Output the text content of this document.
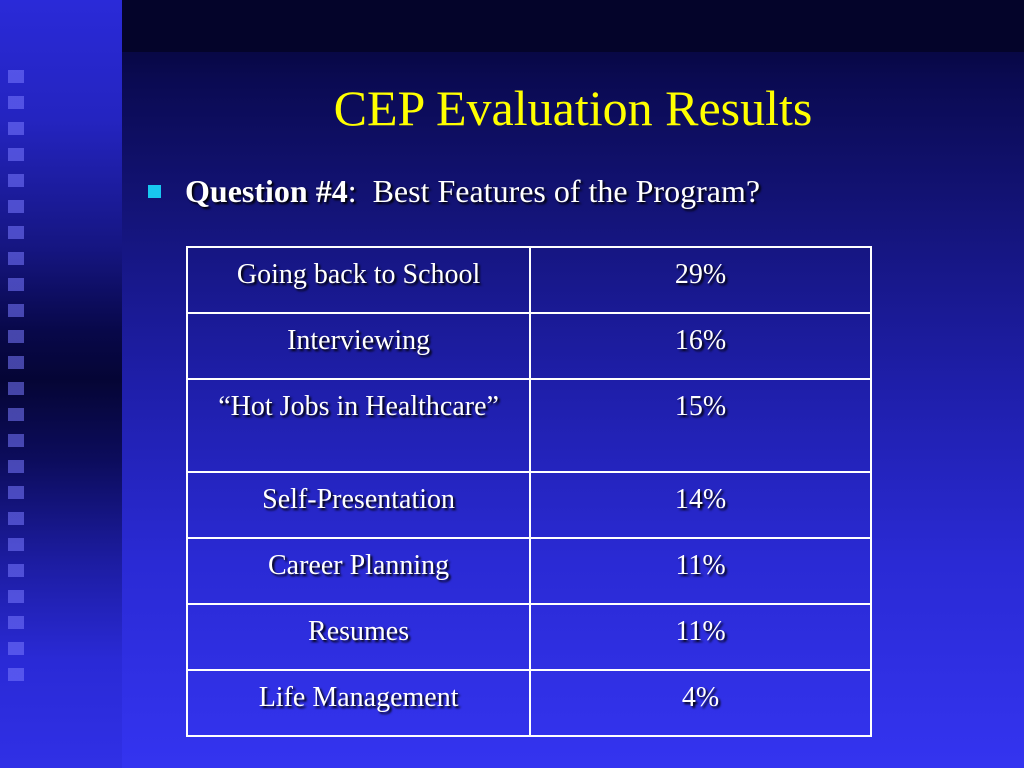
CEP Evaluation Results
Question #4 :
Best Features of the Program?
Going back to School	29%
Interviewing	16%
“Hot Jobs in Healthcare”	15%
Self-Presentation	14%
Career Planning	11%
Resumes	11%
Life Management	4%
